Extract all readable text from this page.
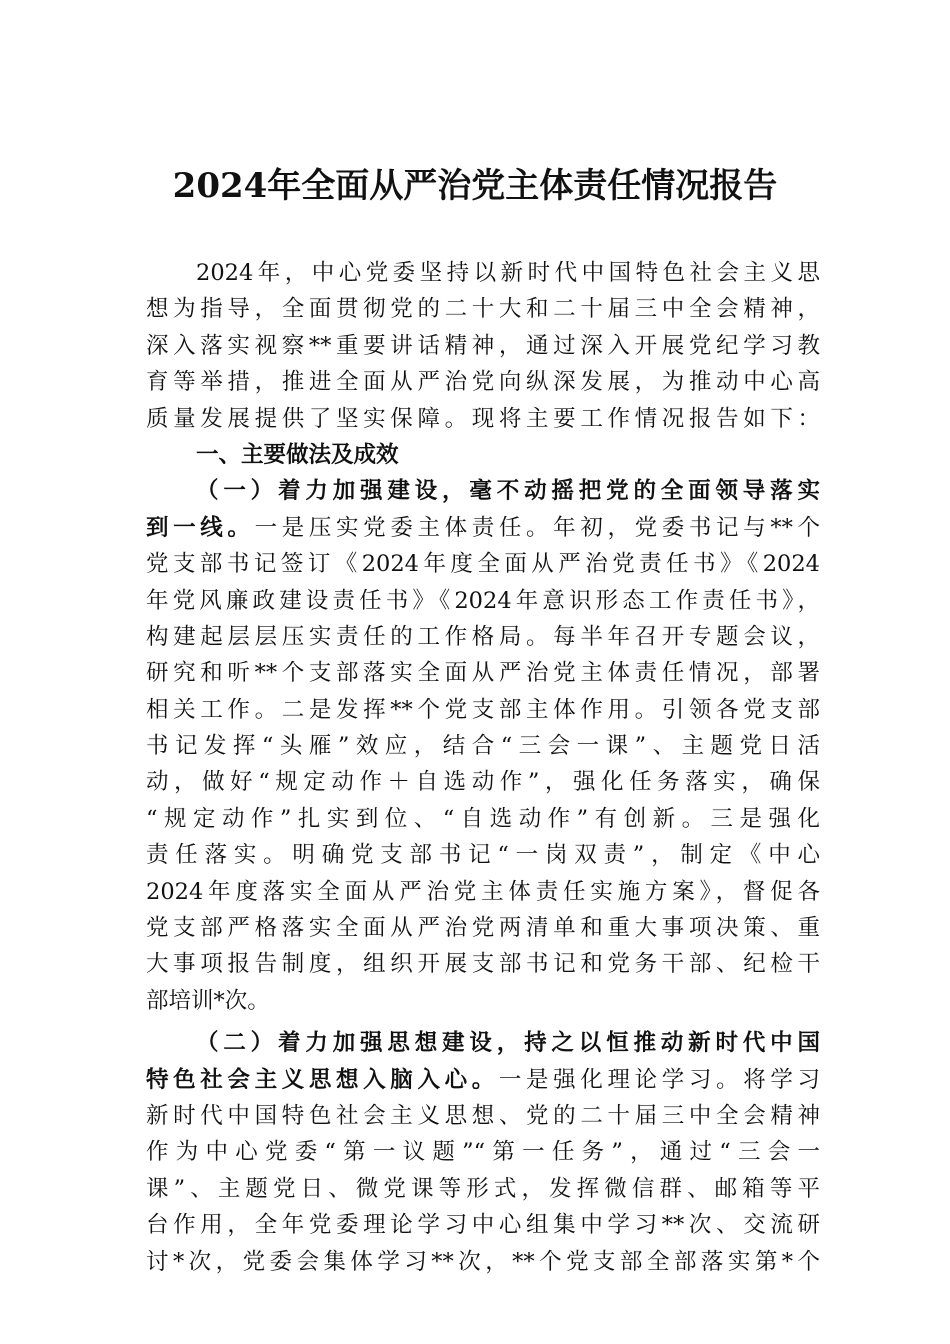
2024年全面从严治党主体责任情况报告
2024年，中心党委坚持以新时代中国特色社会主义思
想为指导，全面贯彻党的二十大和二十届三中全会精神，
深入落实视察**重要讲话精神，通过深入开展党纪学习教
育等举措，推进全面从严治党向纵深发展，为推动中心高
质量发展提供了坚实保障。现将主要工作情况报告如下：
一、主要做法及成效
（一）着力加强建设，毫不动摇把党的全面领导落实
到一线。一是压实党委主体责任。年初，党委书记与**个
党支部书记签订《2024年度全面从严治党责任书》《2024
年党风廉政建设责任书》《2024年意识形态工作责任书》，
构建起层层压实责任的工作格局。每半年召开专题会议，
研究和听**个支部落实全面从严治党主体责任情况，部署
相关工作。二是发挥**个党支部主体作用。引领各党支部
书记发挥“头雁”效应，结合“三会一课”、主题党日活
动，做好“规定动作＋自选动作”，强化任务落实，确保
“规定动作”扎实到位、“自选动作”有创新。三是强化
责任落实。明确党支部书记“一岗双责”，制定《中心
2024年度落实全面从严治党主体责任实施方案》，督促各
党支部严格落实全面从严治党两清单和重大事项决策、重
大事项报告制度，组织开展支部书记和党务干部、纪检干
部培训*次。
（二）着力加强思想建设，持之以恒推动新时代中国
特色社会主义思想入脑入心。一是强化理论学习。将学习
新时代中国特色社会主义思想、党的二十届三中全会精神
作为中心党委“第一议题”“第一任务”，通过“三会一
课”、主题党日、微党课等形式，发挥微信群、邮箱等平
台作用，全年党委理论学习中心组集中学习**次、交流研
讨*次，党委会集体学习**次，**个党支部全部落实第*个
